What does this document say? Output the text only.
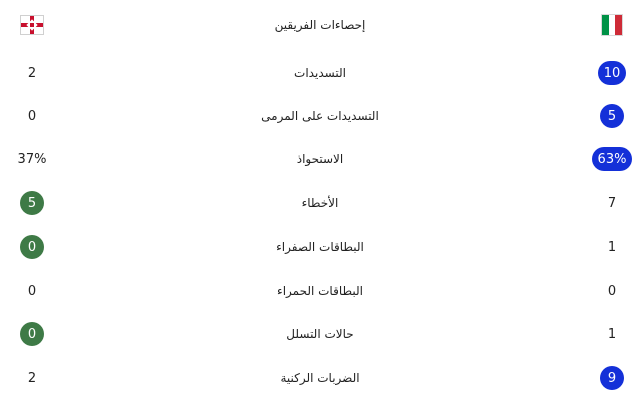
إحصاءات الفريقين
2	التسديدات	10
0	التسديدات على المرمى	5
37%	الاستحواذ	63%
5	الأخطاء	7
0	البطاقات الصفراء	1
0	البطاقات الحمراء	0
0	حالات التسلل	1
2	الضربات الركنية	9
